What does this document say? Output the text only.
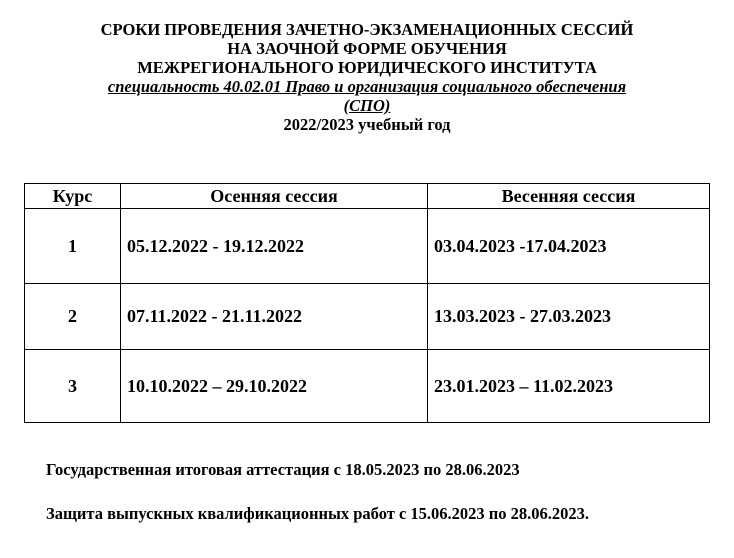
СРОКИ ПРОВЕДЕНИЯ ЗАЧЕТНО-ЭКЗАМЕНАЦИОННЫХ СЕССИЙ
НА ЗАОЧНОЙ ФОРМЕ ОБУЧЕНИЯ
МЕЖРЕГИОНАЛЬНОГО ЮРИДИЧЕСКОГО ИНСТИТУТА
специальность 40.02.01 Право и организация социального обеспечения
(СПО)
2022/2023 учебный год
Курс	Осенняя сессия	Весенняя сессия
1	05.12.2022 - 19.12.2022	03.04.2023 -17.04.2023
2	07.11.2022 - 21.11.2022	13.03.2023 - 27.03.2023
3	10.10.2022 – 29.10.2022	23.01.2023 – 11.02.2023
Государственная итоговая аттестация с 18.05.2023 по 28.06.2023
Защита выпускных квалификационных работ с 15.06.2023 по 28.06.2023.
